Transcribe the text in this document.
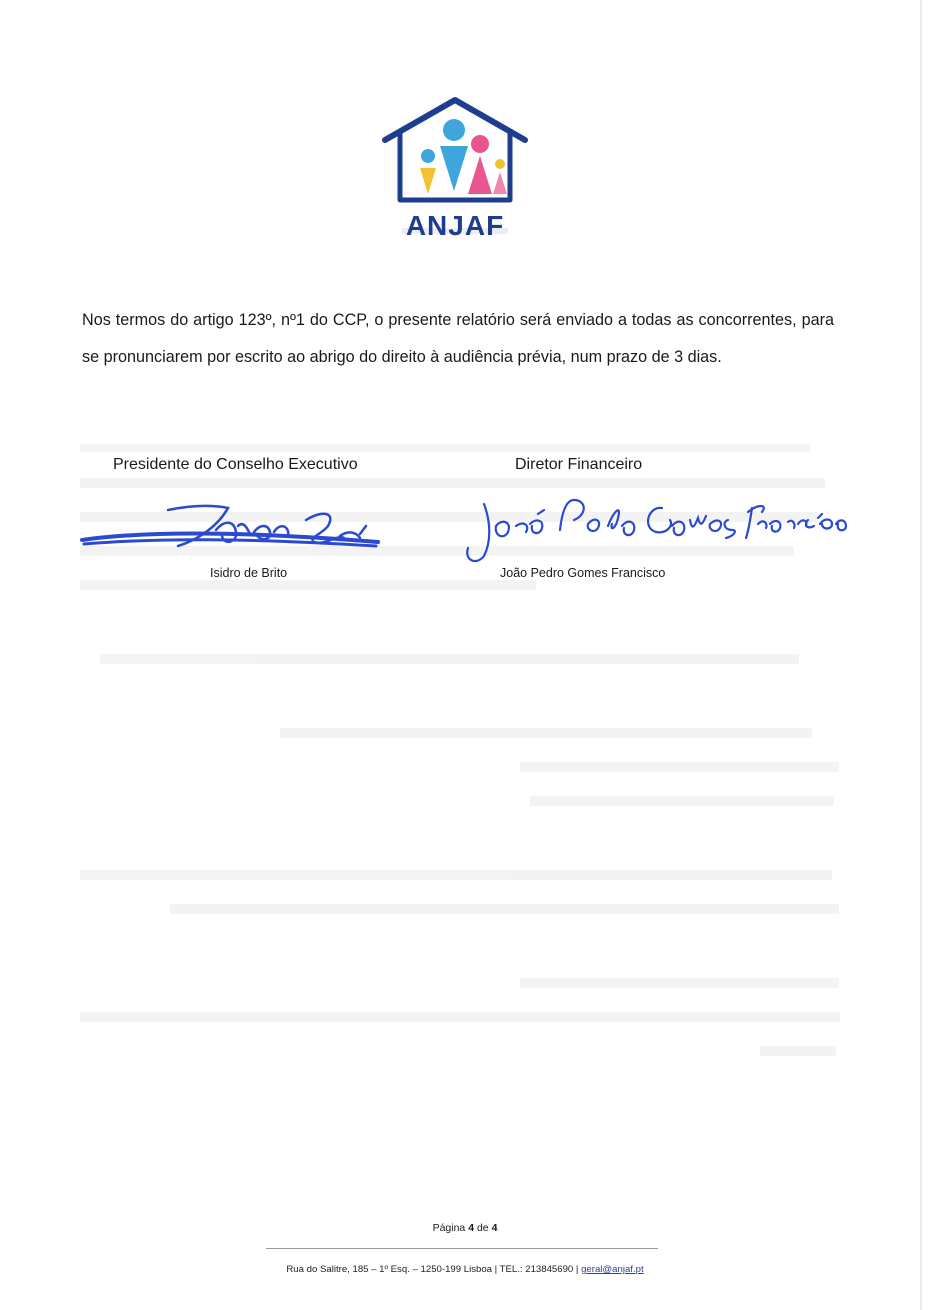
ANJAF
Nos termos do artigo 123º, nº1 do CCP, o presente relatório será enviado a todas as concorrentes, para se pronunciarem por escrito ao abrigo do direito à audiência prévia, num prazo de 3 dias.
Presidente do Conselho Executivo	Diretor Financeiro
Isidro de Brito	João Pedro Gomes Francisco
Página 4 de 4
Rua do Salitre, 185 – 1º Esq. – 1250-199 Lisboa | TEL.: 213845690 | geral@anjaf.pt
